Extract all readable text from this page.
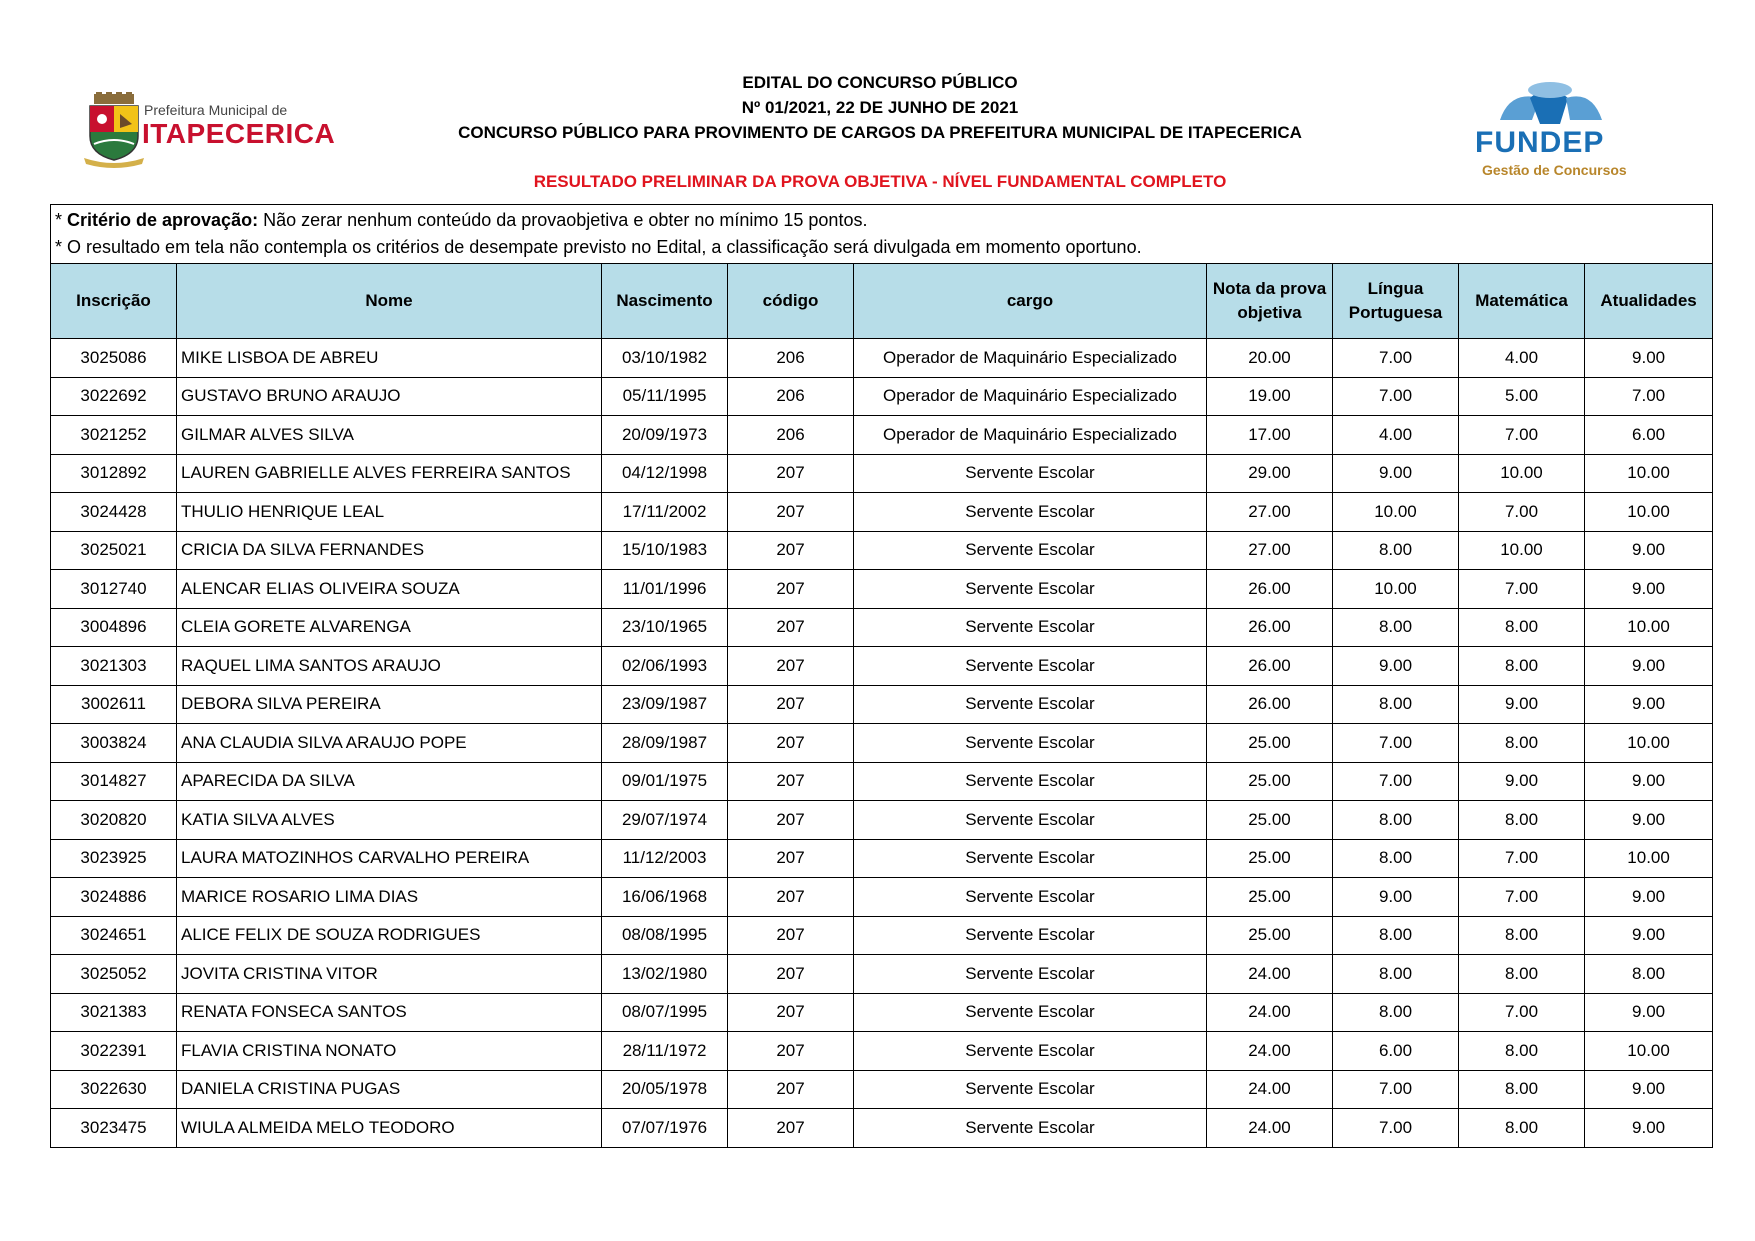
Prefeitura Municipal de
ITAPECERICA	FUNDEP
Gestão de Concursos
EDITAL DO CONCURSO PÚBLICO
Nº 01/2021, 22 DE JUNHO DE 2021
CONCURSO PÚBLICO PARA PROVIMENTO DE CARGOS DA PREFEITURA MUNICIPAL DE ITAPECERICA
RESULTADO PRELIMINAR DA PROVA OBJETIVA - NÍVEL FUNDAMENTAL COMPLETO
* Critério de aprovação: Não zerar nenhum conteúdo da provaobjetiva e obter no mínimo 15 pontos.
* O resultado em tela não contempla os critérios de desempate previsto no Edital, a classificação será divulgada em momento oportuno.								

Inscrição	Nome	Nascimento	código	cargo	Nota da prova objetiva	Língua Portuguesa	Matemática	Atualidades
3025086	MIKE LISBOA DE ABREU	03/10/1982	206	Operador de Maquinário Especializado	20.00	7.00	4.00	9.00
3022692	GUSTAVO BRUNO ARAUJO	05/11/1995	206	Operador de Maquinário Especializado	19.00	7.00	5.00	7.00
3021252	GILMAR ALVES SILVA	20/09/1973	206	Operador de Maquinário Especializado	17.00	4.00	7.00	6.00
3012892	LAUREN GABRIELLE ALVES FERREIRA SANTOS	04/12/1998	207	Servente Escolar	29.00	9.00	10.00	10.00
3024428	THULIO HENRIQUE LEAL	17/11/2002	207	Servente Escolar	27.00	10.00	7.00	10.00
3025021	CRICIA DA SILVA FERNANDES	15/10/1983	207	Servente Escolar	27.00	8.00	10.00	9.00
3012740	ALENCAR ELIAS OLIVEIRA SOUZA	11/01/1996	207	Servente Escolar	26.00	10.00	7.00	9.00
3004896	CLEIA GORETE ALVARENGA	23/10/1965	207	Servente Escolar	26.00	8.00	8.00	10.00
3021303	RAQUEL LIMA SANTOS ARAUJO	02/06/1993	207	Servente Escolar	26.00	9.00	8.00	9.00
3002611	DEBORA SILVA PEREIRA	23/09/1987	207	Servente Escolar	26.00	8.00	9.00	9.00
3003824	ANA CLAUDIA SILVA ARAUJO POPE	28/09/1987	207	Servente Escolar	25.00	7.00	8.00	10.00
3014827	APARECIDA DA SILVA	09/01/1975	207	Servente Escolar	25.00	7.00	9.00	9.00
3020820	KATIA SILVA ALVES	29/07/1974	207	Servente Escolar	25.00	8.00	8.00	9.00
3023925	LAURA MATOZINHOS CARVALHO PEREIRA	11/12/2003	207	Servente Escolar	25.00	8.00	7.00	10.00
3024886	MARICE ROSARIO LIMA DIAS	16/06/1968	207	Servente Escolar	25.00	9.00	7.00	9.00
3024651	ALICE FELIX DE SOUZA RODRIGUES	08/08/1995	207	Servente Escolar	25.00	8.00	8.00	9.00
3025052	JOVITA CRISTINA VITOR	13/02/1980	207	Servente Escolar	24.00	8.00	8.00	8.00
3021383	RENATA FONSECA SANTOS	08/07/1995	207	Servente Escolar	24.00	8.00	7.00	9.00
3022391	FLAVIA CRISTINA NONATO	28/11/1972	207	Servente Escolar	24.00	6.00	8.00	10.00
3022630	DANIELA CRISTINA PUGAS	20/05/1978	207	Servente Escolar	24.00	7.00	8.00	9.00
3023475	WIULA ALMEIDA MELO TEODORO	07/07/1976	207	Servente Escolar	24.00	7.00	8.00	9.00
